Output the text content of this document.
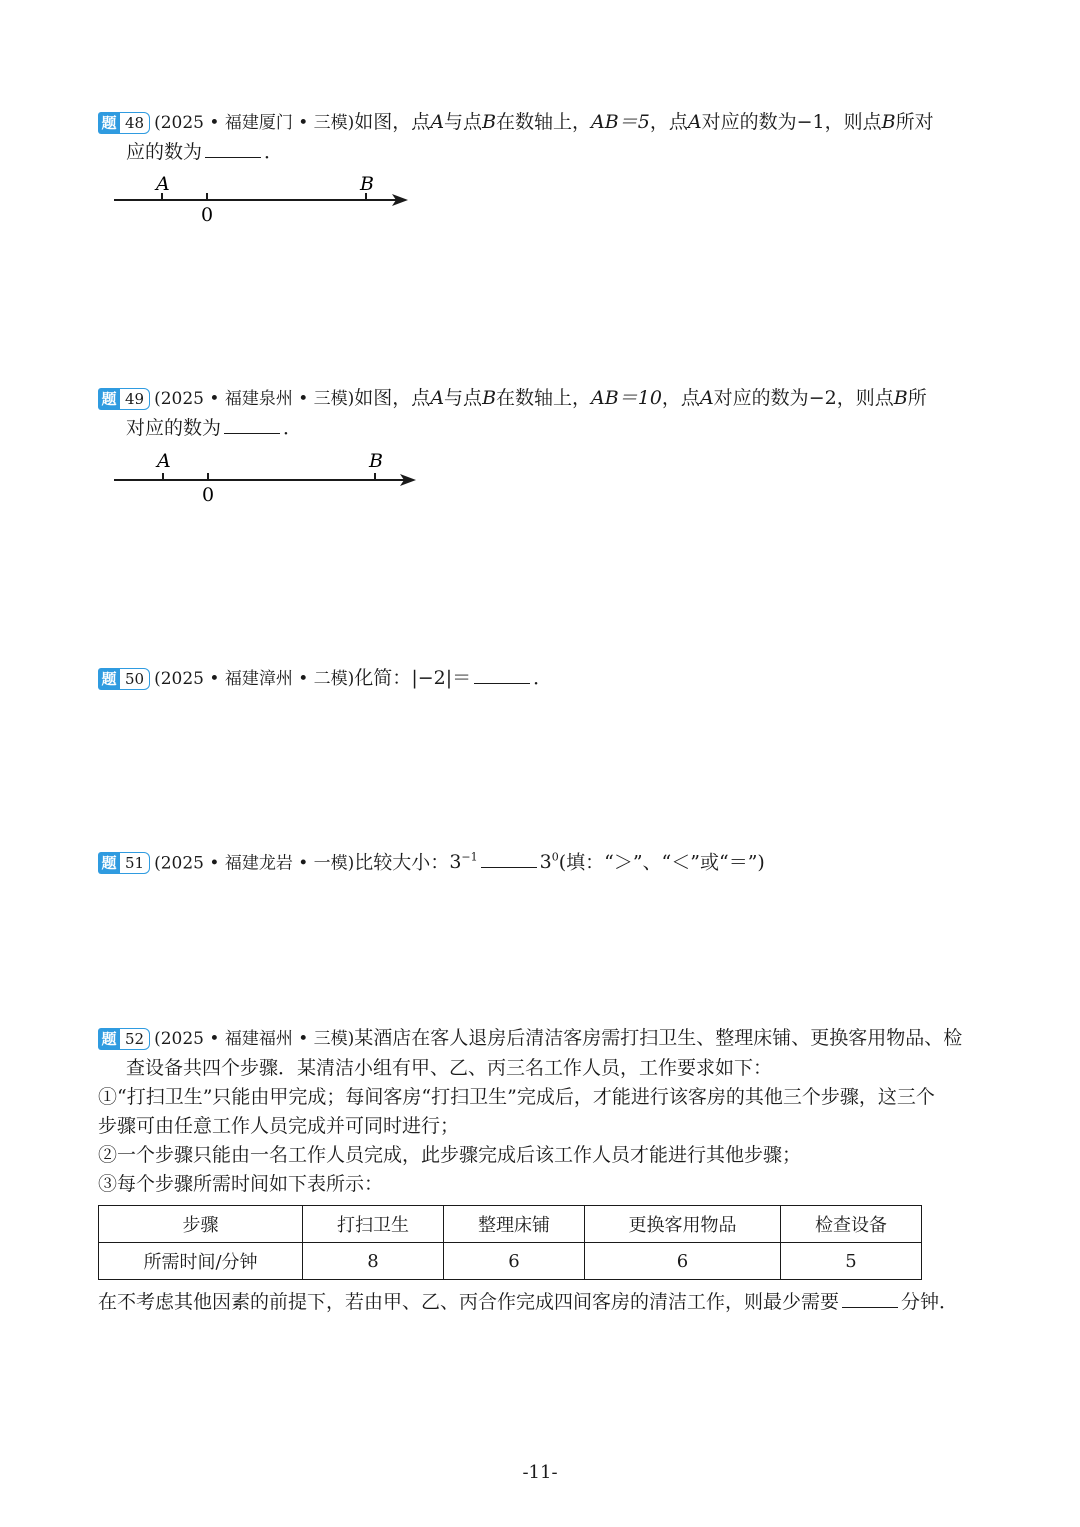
题 48 (2025 • 福建厦门 • 三模)如图，点A与点B在数轴上，AB＝5，点A对应的数为−1，则点B所对
应的数为	．
A	B
0
题 49 (2025 • 福建泉州 • 三模)如图，点A与点B在数轴上，AB＝10，点A对应的数为−2，则点B所
对应的数为	．
A	B
0
题 50 (2025 • 福建漳州 • 二模)化简：|−2|＝	．
题 51 (2025 • 福建龙岩 • 一模)比较大小：$3^{-1}$	$3^0$(填：“＞”、“＜”或“＝”)
题 52 (2025 • 福建福州 • 三模)某酒店在客人退房后清洁客房需打扫卫生、整理床铺、更换客用物品、检
查设备共四个步骤．某清洁小组有甲、乙、丙三名工作人员，工作要求如下：
①“打扫卫生”只能由甲完成；每间客房“打扫卫生”完成后，才能进行该客房的其他三个步骤，这三个
步骤可由任意工作人员完成并可同时进行；
②一个步骤只能由一名工作人员完成，此步骤完成后该工作人员才能进行其他步骤；
③每个步骤所需时间如下表所示：
步骤	打扫卫生	整理床铺	更换客用物品	检查设备
所需时间/分钟	8	6	6	5
在不考虑其他因素的前提下，若由甲、乙、丙合作完成四间客房的清洁工作，则最少需要	分钟．
-11-
